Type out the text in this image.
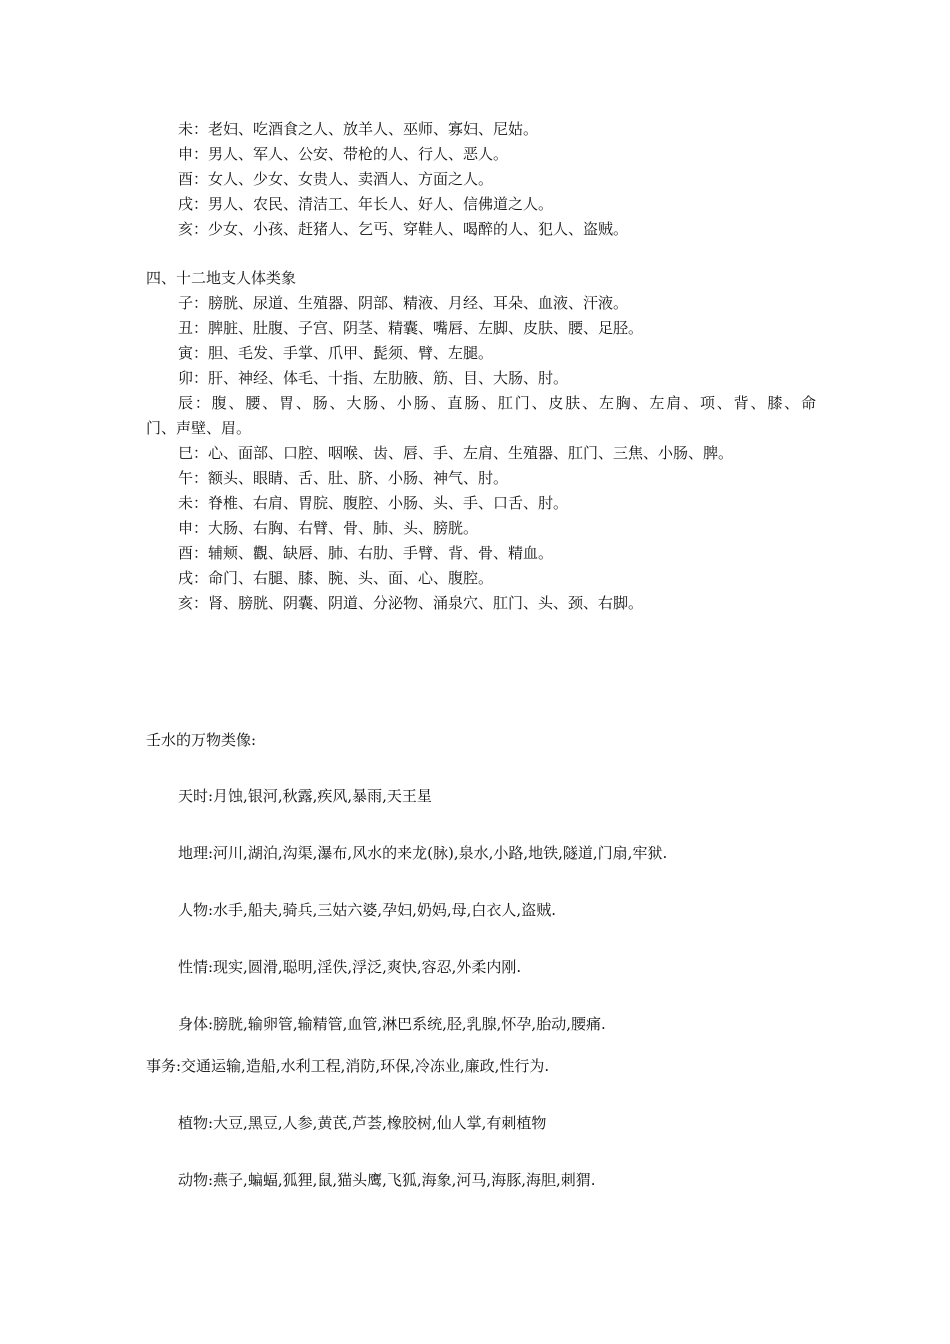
未：老妇、吃酒食之人、放羊人、巫师、寡妇、尼姑。
申：男人、军人、公安、带枪的人、行人、恶人。
酉：女人、少女、女贵人、卖酒人、方面之人。
戌：男人、农民、清洁工、年长人、好人、信佛道之人。
亥：少女、小孩、赶猪人、乞丐、穿鞋人、喝醉的人、犯人、盗贼。
四、十二地支人体类象
子：膀胱、尿道、生殖器、阴部、精液、月经、耳朵、血液、汗液。
丑：脾脏、肚腹、子宫、阴茎、精囊、嘴唇、左脚、皮肤、腰、足胫。
寅：胆、毛发、手掌、爪甲、髭须、臂、左腿。
卯：肝、神经、体毛、十指、左肋腋、筋、目、大肠、肘。
辰：腹、腰、胃、肠、大肠、小肠、直肠、肛门、皮肤、左胸、左肩、项、背、膝、命
门、声壁、眉。
巳：心、面部、口腔、咽喉、齿、唇、手、左肩、生殖器、肛门、三焦、小肠、脾。
午：额头、眼睛、舌、肚、脐、小肠、神气、肘。
未：脊椎、右肩、胃脘、腹腔、小肠、头、手、口舌、肘。
申：大肠、右胸、右臂、骨、肺、头、膀胱。
酉：辅颊、觀、缺唇、肺、右肋、手臂、背、骨、精血。
戌：命门、右腿、膝、腕、头、面、心、腹腔。
亥：肾、膀胱、阴囊、阴道、分泌物、涌泉穴、肛门、头、颈、右脚。
壬水的万物类像:
天时:月蚀,银河,秋露,疾风,暴雨,天王星
地理:河川,湖泊,沟渠,瀑布,风水的来龙(脉),泉水,小路,地铁,隧道,门扇,牢狱.
人物:水手,船夫,骑兵,三姑六婆,孕妇,奶妈,母,白衣人,盗贼.
性情:现实,圆滑,聪明,淫佚,浮泛,爽快,容忍,外柔内刚.
身体:膀胱,输卵管,输精管,血管,淋巴系统,胫,乳腺,怀孕,胎动,腰痛.
事务:交通运输,造船,水利工程,消防,环保,冷冻业,廉政,性行为.
植物:大豆,黑豆,人参,黄芪,芦荟,橡胶树,仙人掌,有刺植物
动物:燕子,蝙蝠,狐狸,鼠,猫头鹰,飞狐,海象,河马,海豚,海胆,刺猬.
